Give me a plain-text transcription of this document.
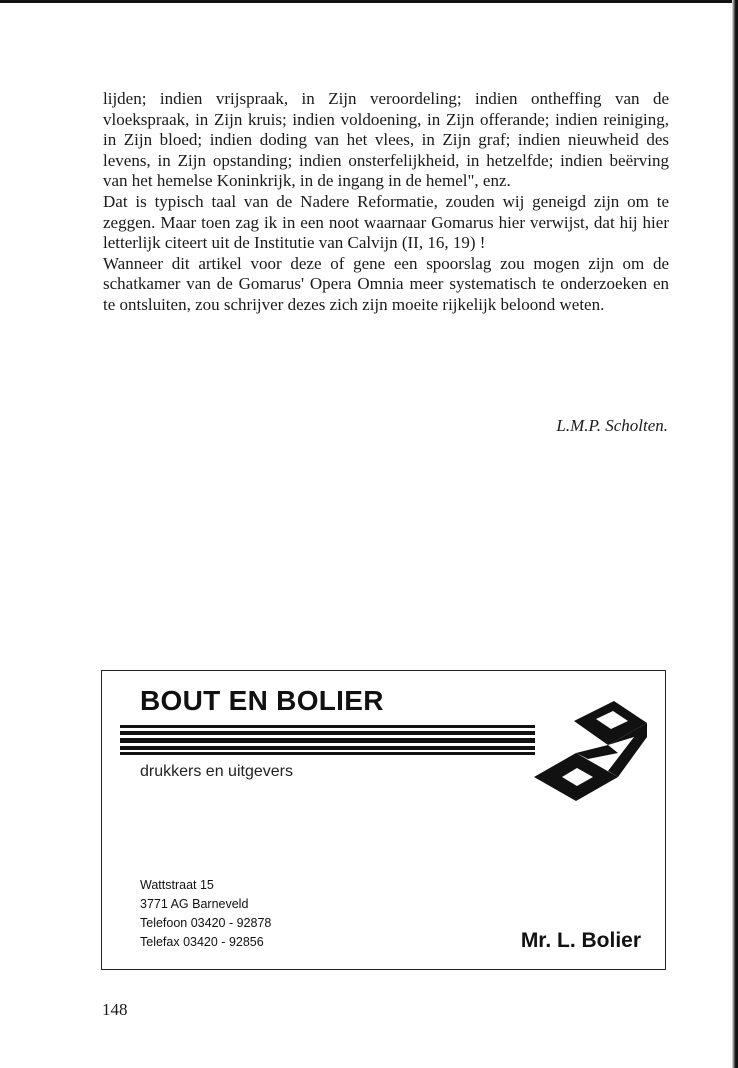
lijden; indien vrijspraak, in Zijn veroordeling; indien ontheffing van de vloekspraak, in Zijn kruis; indien voldoening, in Zijn offerande; indien reiniging, in Zijn bloed; indien doding van het vlees, in Zijn graf; indien nieuwheid des levens, in Zijn opstanding; indien onsterfelijkheid, in hetzelfde; indien beërving van het hemelse Koninkrijk, in de ingang in de hemel", enz.

Dat is typisch taal van de Nadere Reformatie, zouden wij geneigd zijn om te zeggen. Maar toen zag ik in een noot waarnaar Gomarus hier verwijst, dat hij hier letterlijk citeert uit de Institutie van Calvijn (II, 16, 19) !

Wanneer dit artikel voor deze of gene een spoorslag zou mogen zijn om de schatkamer van de Gomarus' Opera Omnia meer systematisch te onderzoeken en te ontsluiten, zou schrijver dezes zich zijn moeite rijkelijk beloond weten.

L.M.P. Scholten.
BOUT EN BOLIER
drukkers en uitgevers
Wattstraat 15
3771 AG Barneveld
Telefoon 03420 - 92878
Telefax 03420 - 92856	Mr. L. Bolier
148
